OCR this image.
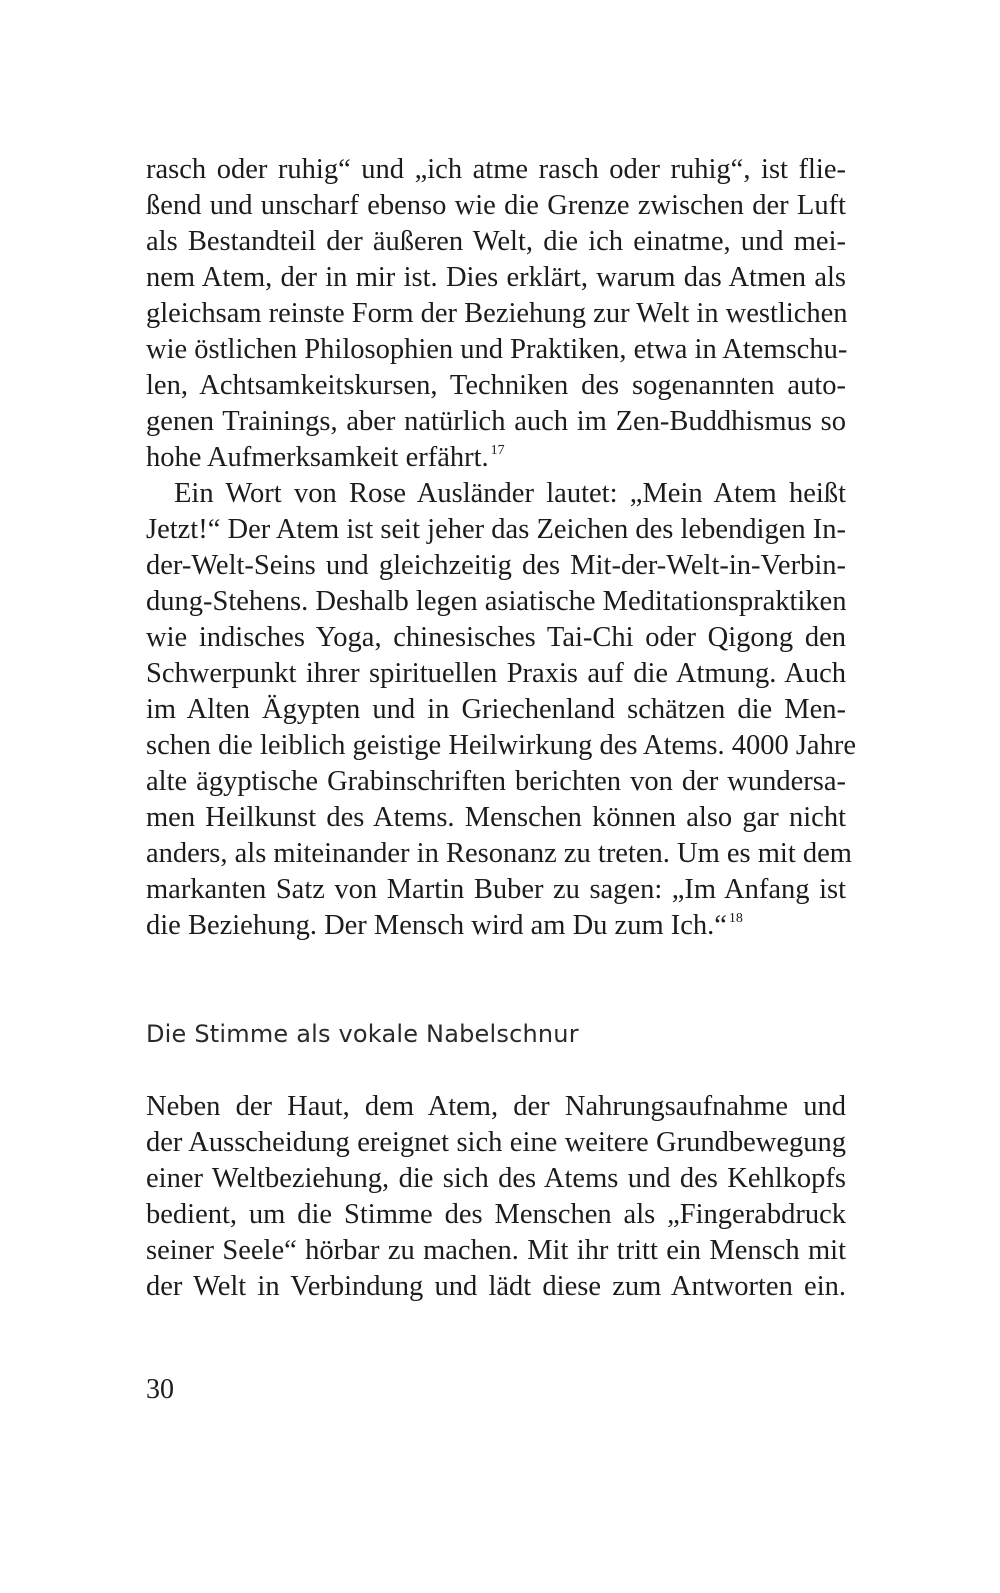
rasch oder ruhig“ und „ich atme rasch oder ruhig“, ist flie-
ßend und unscharf ebenso wie die Grenze zwischen der Luft
als Bestandteil der äußeren Welt, die ich einatme, und mei-
nem Atem, der in mir ist. Dies erklärt, warum das Atmen als
gleichsam reinste Form der Beziehung zur Welt in westlichen
wie östlichen Philosophien und Praktiken, etwa in Atemschu-
len, Achtsamkeitskursen, Techniken des sogenannten auto-
genen Trainings, aber natürlich auch im Zen-Buddhismus so
hohe Aufmerksamkeit erfährt. $^{17}$
Ein Wort von Rose Ausländer lautet: „Mein Atem heißt
Jetzt!“ Der Atem ist seit jeher das Zeichen des lebendigen In-
der-Welt-Seins und gleichzeitig des Mit-der-Welt-in-Verbin-
dung-Stehens. Deshalb legen asiatische Meditationspraktiken
wie indisches Yoga, chinesisches Tai-Chi oder Qigong den
Schwerpunkt ihrer spirituellen Praxis auf die Atmung. Auch
im Alten Ägypten und in Griechenland schätzen die Men-
schen die leiblich geistige Heilwirkung des Atems. 4000 Jahre
alte ägyptische Grabinschriften berichten von der wundersa-
men Heilkunst des Atems. Menschen können also gar nicht
anders, als miteinander in Resonanz zu treten. Um es mit dem
markanten Satz von Martin Buber zu sagen: „Im Anfang ist
die Beziehung. Der Mensch wird am Du zum Ich.“ $^{18}$
Die Stimme als vokale Nabelschnur
Neben der Haut, dem Atem, der Nahrungsaufnahme und
der Ausscheidung ereignet sich eine weitere Grundbewegung
einer Weltbeziehung, die sich des Atems und des Kehlkopfs
bedient, um die Stimme des Menschen als „Fingerabdruck
seiner Seele“ hörbar zu machen. Mit ihr tritt ein Mensch mit
der Welt in Verbindung und lädt diese zum Antworten ein.
30
